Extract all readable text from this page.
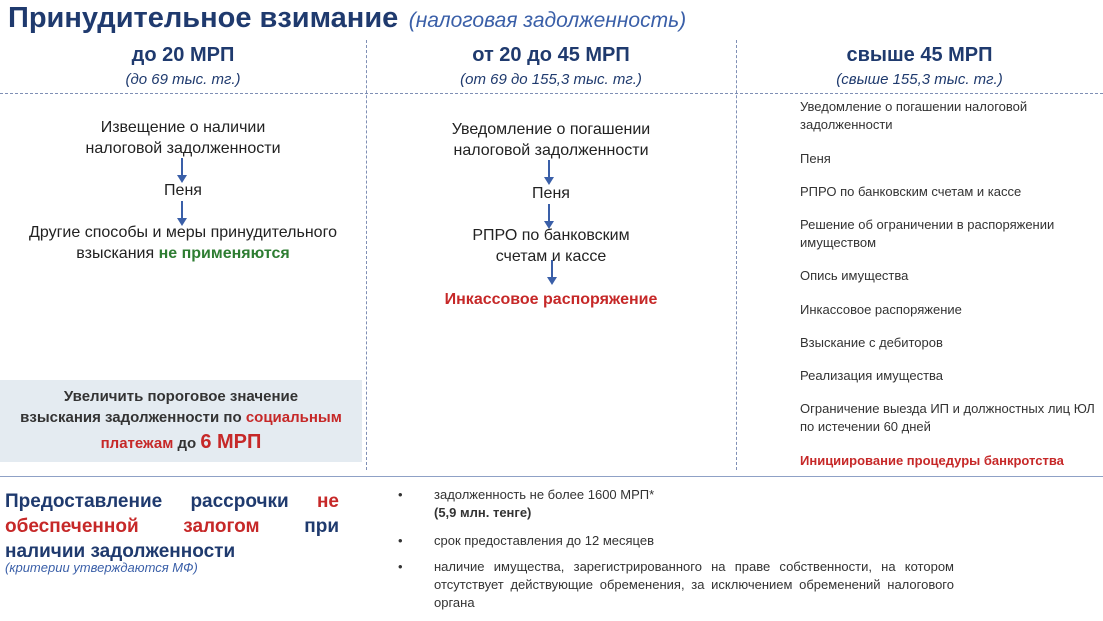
Принудительное взимание (налоговая задолженность)
до 20 МРП
(до 69 тыс. тг.)
от 20 до 45 МРП
(от 69 до 155,3 тыс. тг.)
свыше 45 МРП
(свыше 155,3 тыс. тг.)
Извещение о наличии
налоговой задолженности
Пеня
Другие способы и меры принудительного
взыскания не применяются
Уведомление о погашении
налоговой задолженности
Пеня
РПРО по банковским
счетам и кассе
Инкассовое распоряжение
Уведомление о погашении налоговой задолженности
Пеня
РПРО по банковским счетам и кассе
Решение об ограничении в распоряжении имуществом
Опись имущества
Инкассовое распоряжение
Взыскание с дебиторов
Реализация имущества
Ограничение выезда ИП и должностных лиц ЮЛ по истечении 60 дней
Инициирование процедуры банкротства
Увеличить пороговое значение
взыскания задолженности по социальным
платежам до 6 МРП
Предоставление рассрочки не обеспеченной залогом при наличии задолженности
(критерии утверждаются МФ)
• задолженность не более 1600 МРП*
(5,9 млн. тенге)
• срок предоставления до 12 месяцев
• наличие имущества, зарегистрированного на праве собственности, на котором отсутствует действующие обременения, за исключением обременений налогового органа
